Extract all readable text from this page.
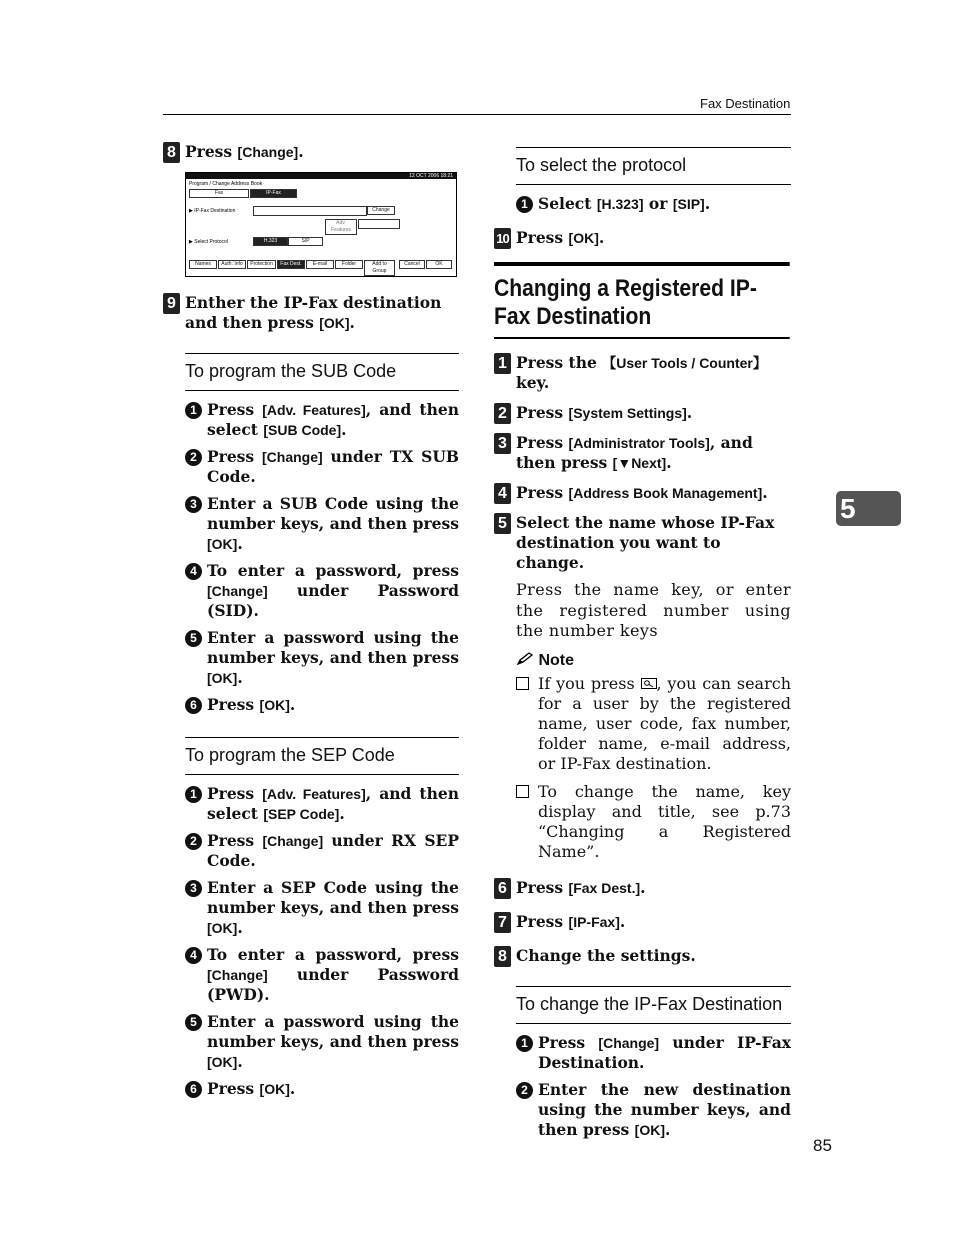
Fax Destination
5
85
8 Press [Change].
12 OCT 2006 18:21
Program / Change Address Book
Fax	IP-Fax
▶ IP-Fax Destination	Change
Adv. Features
▶ Select Protocol	H.323	SIP
Names	Auth. Info	Protection	Fax Dest.	E-mail	Folder	Add to Group
Cancel	OK
9 Enther the IP-Fax destination and then press [OK].
To program the SUB Code
1 Press [Adv. Features], and then select [SUB Code].
2 Press [Change] under TX SUB Code.
3 Enter a SUB Code using the number keys, and then press [OK].
4 To enter a password, press [Change] under Password (SID).
5 Enter a password using the number keys, and then press [OK].
6 Press [OK].
To program the SEP Code
1 Press [Adv. Features], and then select [SEP Code].
2 Press [Change] under RX SEP Code.
3 Enter a SEP Code using the number keys, and then press [OK].
4 To enter a password, press [Change] under Password (PWD).
5 Enter a password using the number keys, and then press [OK].
6 Press [OK].
To select the protocol
1 Select [H.323] or [SIP].
10 Press [OK].
Changing a Registered IP-Fax Destination
1 Press the 【User Tools / Counter】 key.
2 Press [System Settings].
3 Press [Administrator Tools], and then press [▼Next].
4 Press [Address Book Management].
5 Select the name whose IP-Fax destination you want to change.
Press the name key, or enter the registered number using the number keys
Note
If you press , you can search for a user by the registered name, user code, fax number, folder name, e-mail address, or IP-Fax destination.
To change the name, key display and title, see p.73 “Changing a Registered Name”.
6 Press [Fax Dest.].
7 Press [IP-Fax].
8 Change the settings.
To change the IP-Fax Destination
1 Press [Change] under IP-Fax Destination.
2 Enter the new destination using the number keys, and then press [OK].
